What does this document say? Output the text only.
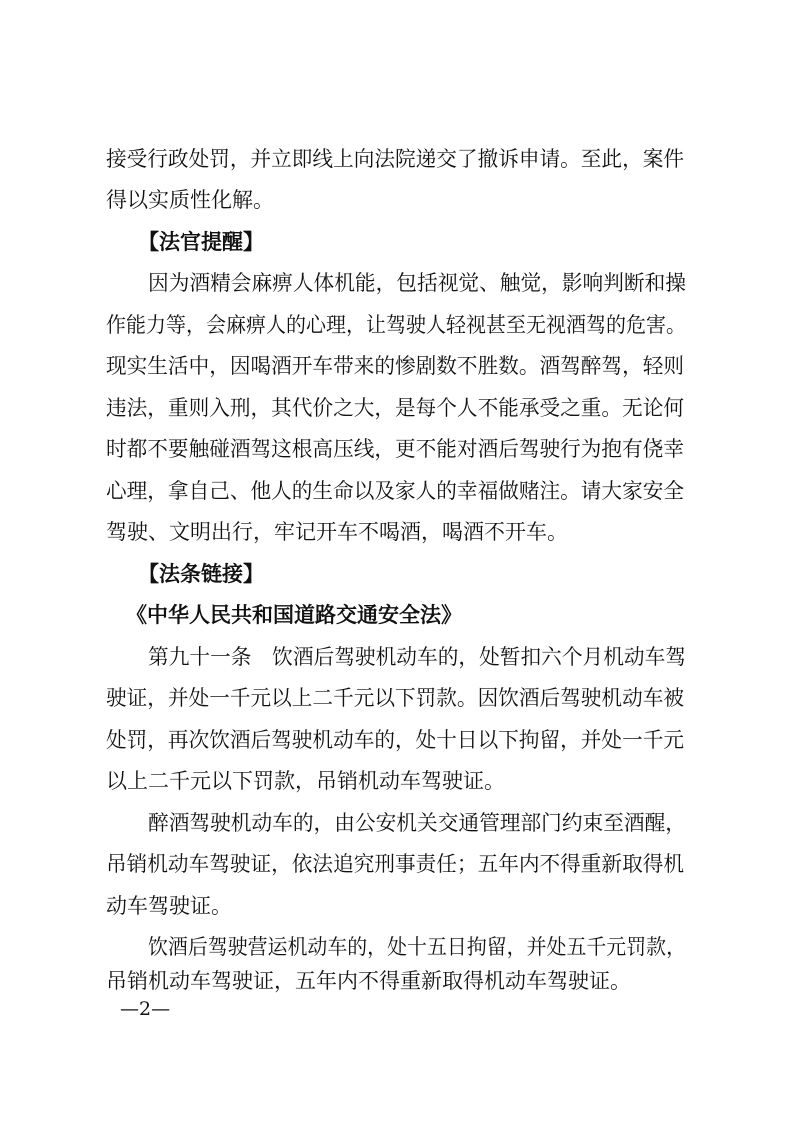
接受行政处罚，并立即线上向法院递交了撤诉申请。至此，案件

得以实质性化解。

【法官提醒】

因为酒精会麻痹人体机能，包括视觉、触觉，影响判断和操

作能力等，会麻痹人的心理，让驾驶人轻视甚至无视酒驾的危害。

现实生活中，因喝酒开车带来的惨剧数不胜数。酒驾醉驾，轻则

违法，重则入刑，其代价之大，是每个人不能承受之重。无论何

时都不要触碰酒驾这根高压线，更不能对酒后驾驶行为抱有侥幸

心理，拿自己、他人的生命以及家人的幸福做赌注。请大家安全

驾驶、文明出行，牢记开车不喝酒，喝酒不开车。

【法条链接】

《中华人民共和国道路交通安全法》

第九十一条　饮酒后驾驶机动车的，处暂扣六个月机动车驾

驶证，并处一千元以上二千元以下罚款。因饮酒后驾驶机动车被

处罚，再次饮酒后驾驶机动车的，处十日以下拘留，并处一千元

以上二千元以下罚款，吊销机动车驾驶证。

醉酒驾驶机动车的，由公安机关交通管理部门约束至酒醒，

吊销机动车驾驶证，依法追究刑事责任；五年内不得重新取得机

动车驾驶证。

饮酒后驾驶营运机动车的，处十五日拘留，并处五千元罚款，

吊销机动车驾驶证，五年内不得重新取得机动车驾驶证。

—2—
